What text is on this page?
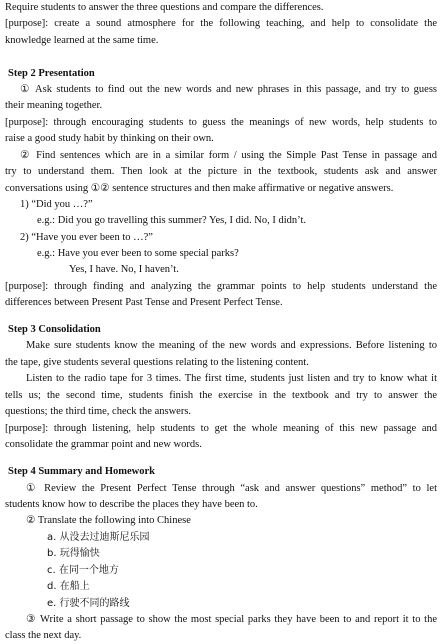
Require students to answer the three questions and compare the differences.
[purpose]: create a sound atmosphere for the following teaching, and help to consolidate the
knowledge learned at the same time.
Step 2 Presentation
① Ask students to find out the new words and new phrases in this passage, and try to guess
their meaning together.
[purpose]: through encouraging students to guess the meanings of new words, help students to
raise a good study habit by thinking on their own.
② Find sentences which are in a similar form / using the Simple Past Tense in passage and
try to understand them. Then look at the picture in the textbook, students ask and answer
conversations using ①② sentence structures and then make affirmative or negative answers.
1) “Did you …?”
e.g.: Did you go travelling this summer? Yes, I did. No, I didn’t.
2) “Have you ever been to …?”
e.g.: Have you ever been to some special parks?
Yes, I have. No, I haven’t.
[purpose]: through finding and analyzing the grammar points to help students understand the
differences between Present Past Tense and Present Perfect Tense.
Step 3 Consolidation
Make sure students know the meaning of the new words and expressions. Before listening to
the tape, give students several questions relating to the listening content.
Listen to the radio tape for 3 times. The first time, students just listen and try to know what it
tells us; the second time, students finish the exercise in the textbook and try to answer the
questions; the third time, check the answers.
[purpose]: through listening, help students to get the whole meaning of this new passage and
consolidate the grammar point and new words.
Step 4 Summary and Homework
① Review the Present Perfect Tense through “ask and answer questions” method” to let
students know how to describe the places they have been to.
② Translate the following into Chinese
a. 从没去过迪斯尼乐园
b. 玩得愉快
c. 在同一个地方
d. 在船上
e. 行驶不同的路线
③ Write a short passage to show the most special parks they have been to and report it to the
class the next day.
